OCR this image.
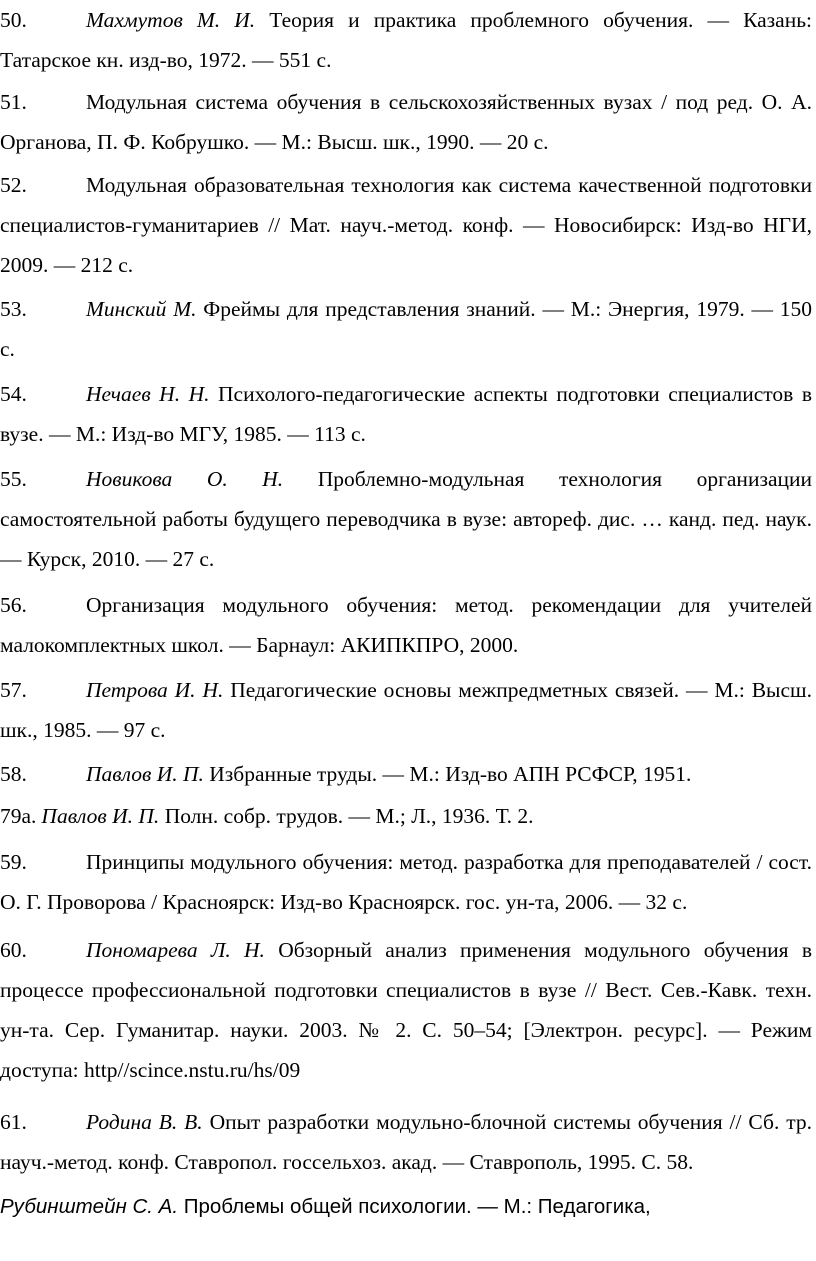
50.	Махмутов М. И. Теория и практика проблемного обучения. — Казань: Татарское кн. изд-во, 1972. — 551 с.

51.	Модульная система обучения в сельскохозяйственных вузах / под ред. О. А. Органова, П. Ф. Кобрушко. — М.: Высш. шк., 1990. — 20 с.

52.	Модульная образовательная технология как система качественной подготовки специалистов-гуманитариев // Мат. науч.-метод. конф. — Новосибирск: Изд-во НГИ, 2009. — 212 с.

53.	Минский М. Фреймы для представления знаний. — М.: Энергия, 1979. — 150 с.

54.	Нечаев Н. Н. Психолого-педагогические аспекты подготовки специалистов в вузе. — М.: Изд-во МГУ, 1985. — 113 с.

55.	Новикова О. Н. Проблемно-модульная технология организации самостоятельной работы будущего переводчика в вузе: автореф. дис. … канд. пед. наук. — Курск, 2010. — 27 с.

56.	Организация модульного обучения: метод. рекомендации для учителей малокомплектных школ. — Барнаул: АКИПКПРО, 2000.

57.	Петрова И. Н. Педагогические основы межпредметных связей. — М.: Высш. шк., 1985. — 97 с.

58.	Павлов И. П. Избранные труды. — М.: Изд-во АПН РСФСР, 1951.

79а. Павлов И. П. Полн. собр. трудов. — М.; Л., 1936. Т. 2.

59.	Принципы модульного обучения: метод. разработка для преподавателей / сост. О. Г. Проворова / Красноярск: Изд-во Красноярск. гос. ун-та, 2006. — 32 с.

60.	Пономарева Л. Н. Обзорный анализ применения модульного обучения в процессе профессиональной подготовки специалистов в вузе // Вест. Сев.-Кавк. техн. ун-та. Сер. Гуманитар. науки. 2003. № 2. С. 50–54; [Электрон. ресурс]. — Режим доступа: http//scince.nstu.ru/hs/09

61.	Родина В. В. Опыт разработки модульно-блочной системы обучения // Сб. тр. науч.-метод. конф. Ставропол. госсельхоз. акад. — Ставрополь, 1995. С. 58.

Рубинштейн С. А. Проблемы общей психологии. — М.: Педагогика,
